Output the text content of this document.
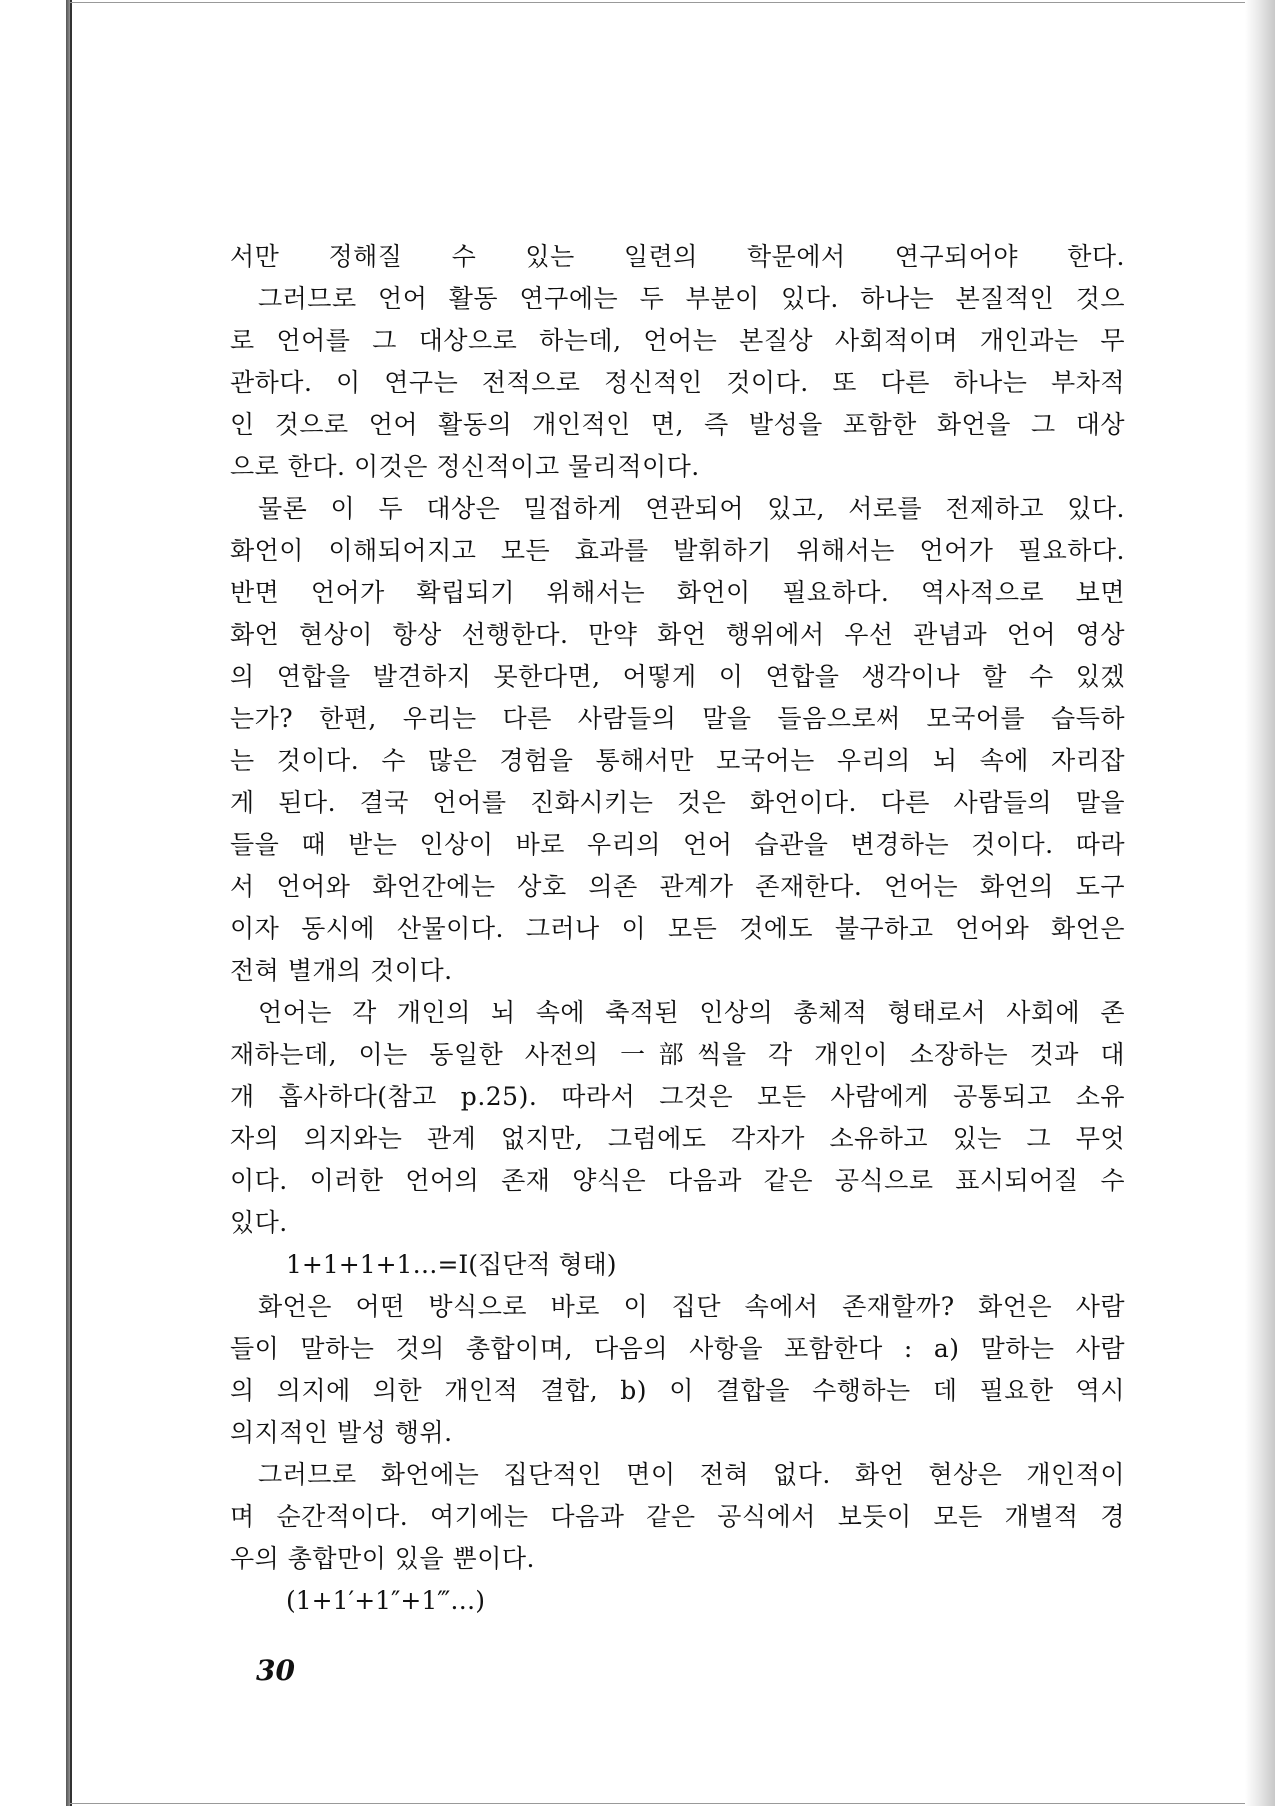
서만 정해질 수 있는 일련의 학문에서 연구되어야 한다.
그러므로 언어 활동 연구에는 두 부분이 있다. 하나는 본질적인 것으
로 언어를 그 대상으로 하는데, 언어는 본질상 사회적이며 개인과는 무
관하다. 이 연구는 전적으로 정신적인 것이다. 또 다른 하나는 부차적
인 것으로 언어 활동의 개인적인 면, 즉 발성을 포함한 화언을 그 대상
으로 한다. 이것은 정신적이고 물리적이다.
물론 이 두 대상은 밀접하게 연관되어 있고, 서로를 전제하고 있다.
화언이 이해되어지고 모든 효과를 발휘하기 위해서는 언어가 필요하다.
반면 언어가 확립되기 위해서는 화언이 필요하다. 역사적으로 보면
화언 현상이 항상 선행한다. 만약 화언 행위에서 우선 관념과 언어 영상
의 연합을 발견하지 못한다면, 어떻게 이 연합을 생각이나 할 수 있겠
는가? 한편, 우리는 다른 사람들의 말을 들음으로써 모국어를 습득하
는 것이다. 수 많은 경험을 통해서만 모국어는 우리의 뇌 속에 자리잡
게 된다. 결국 언어를 진화시키는 것은 화언이다. 다른 사람들의 말을
들을 때 받는 인상이 바로 우리의 언어 습관을 변경하는 것이다. 따라
서 언어와 화언간에는 상호 의존 관계가 존재한다. 언어는 화언의 도구
이자 동시에 산물이다. 그러나 이 모든 것에도 불구하고 언어와 화언은
전혀 별개의 것이다.
언어는 각 개인의 뇌 속에 축적된 인상의 총체적 형태로서 사회에 존
재하는데, 이는 동일한 사전의 一部씩을 각 개인이 소장하는 것과 대
개 흡사하다(참고 p.25). 따라서 그것은 모든 사람에게 공통되고 소유
자의 의지와는 관계 없지만, 그럼에도 각자가 소유하고 있는 그 무엇
이다. 이러한 언어의 존재 양식은 다음과 같은 공식으로 표시되어질 수
있다.
1+1+1+1…=I(집단적 형태)
화언은 어떤 방식으로 바로 이 집단 속에서 존재할까? 화언은 사람
들이 말하는 것의 총합이며, 다음의 사항을 포함한다 : a) 말하는 사람
의 의지에 의한 개인적 결합, b) 이 결합을 수행하는 데 필요한 역시
의지적인 발성 행위.
그러므로 화언에는 집단적인 면이 전혀 없다. 화언 현상은 개인적이
며 순간적이다. 여기에는 다음과 같은 공식에서 보듯이 모든 개별적 경
우의 총합만이 있을 뿐이다.
(1+1′+1″+1‴…)
30
